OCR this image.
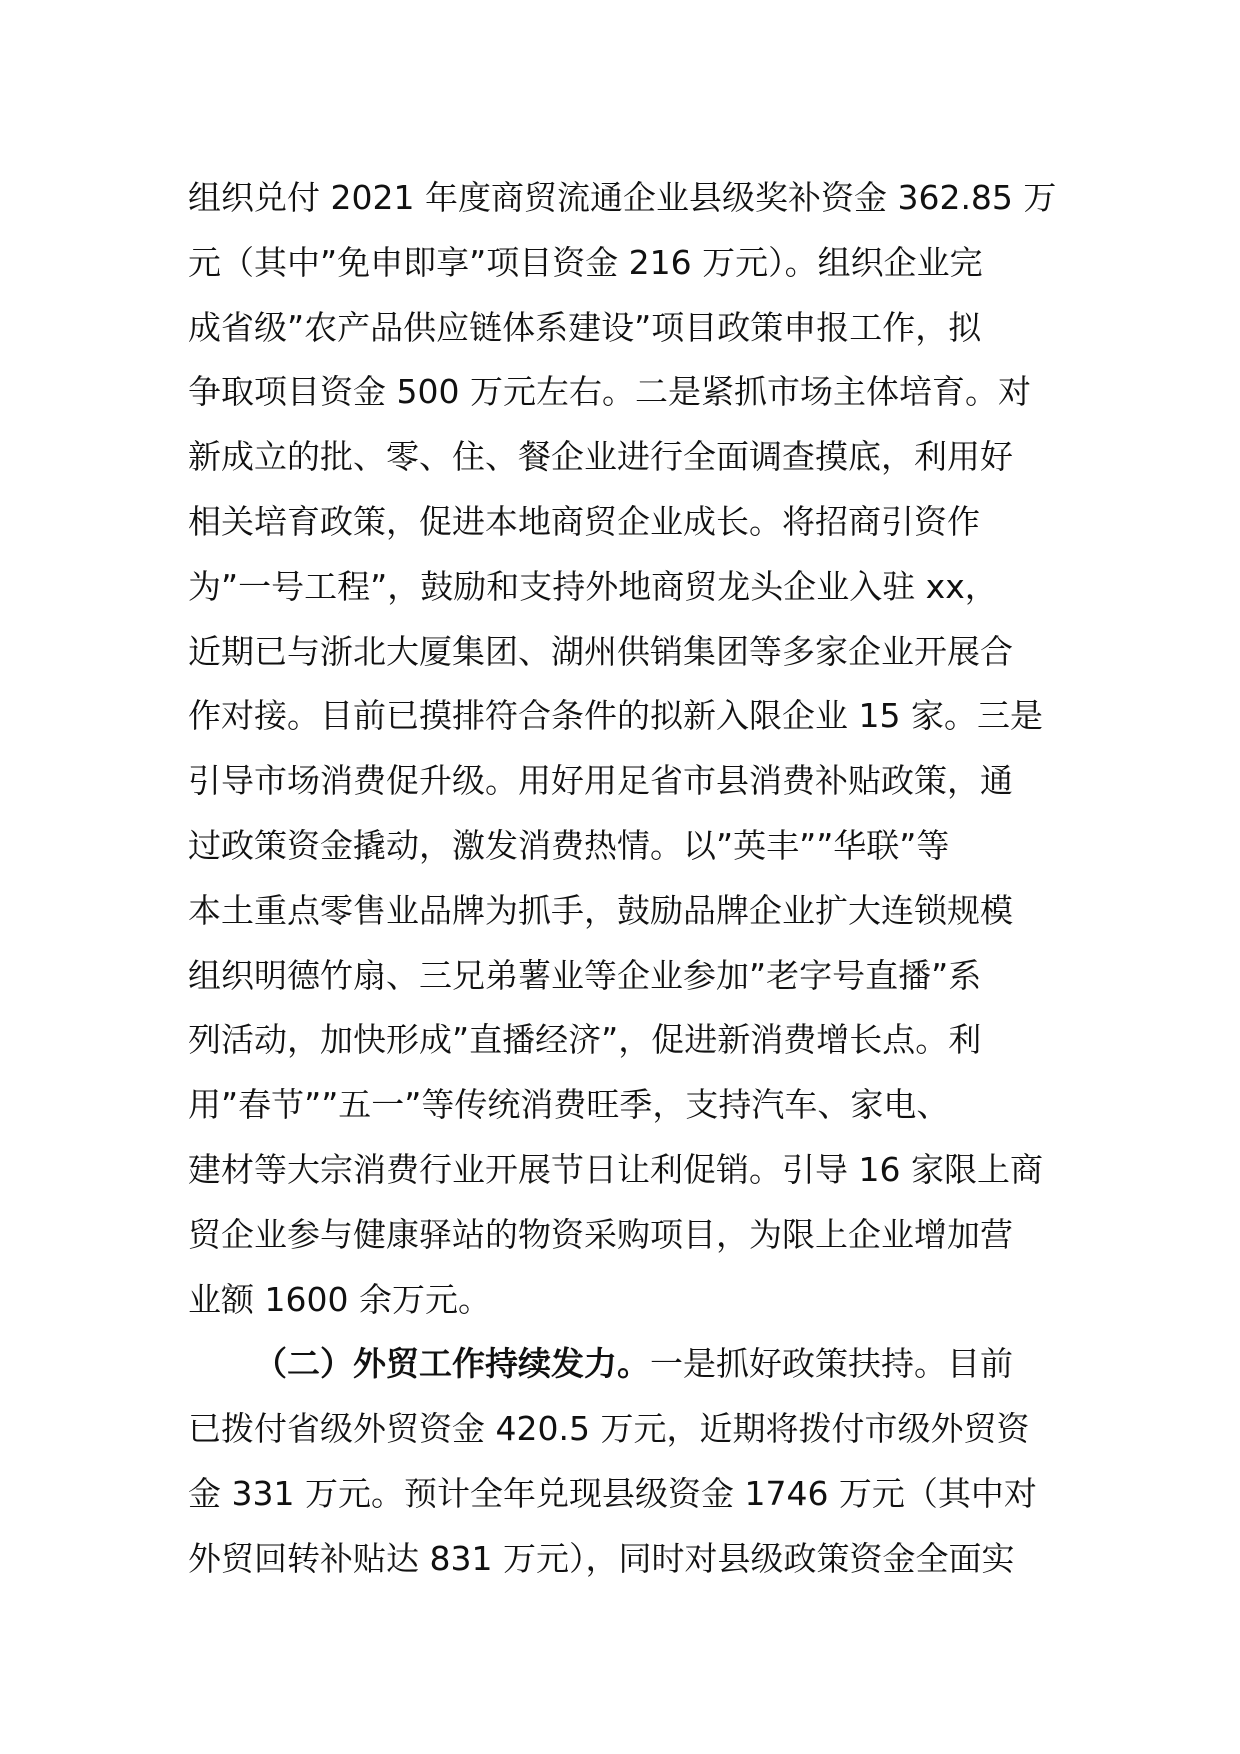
组织兑付 2021 年度商贸流通企业县级奖补资金 362.85 万
元（其中”免申即享”项目资金 216 万元）。组织企业完
成省级”农产品供应链体系建设”项目政策申报工作，拟
争取项目资金 500 万元左右。二是紧抓市场主体培育。对
新成立的批、零、住、餐企业进行全面调查摸底，利用好
相关培育政策，促进本地商贸企业成长。将招商引资作
为”一号工程”，鼓励和支持外地商贸龙头企业入驻 xx，
近期已与浙北大厦集团、湖州供销集团等多家企业开展合
作对接。目前已摸排符合条件的拟新入限企业 15 家。三是
引导市场消费促升级。用好用足省市县消费补贴政策，通
过政策资金撬动，激发消费热情。以”英丰””华联”等
本土重点零售业品牌为抓手，鼓励品牌企业扩大连锁规模
组织明德竹扇、三兄弟薯业等企业参加”老字号直播”系
列活动，加快形成”直播经济”，促进新消费增长点。利
用”春节””五一”等传统消费旺季，支持汽车、家电、
建材等大宗消费行业开展节日让利促销。引导 16 家限上商
贸企业参与健康驿站的物资采购项目，为限上企业增加营
业额 1600 余万元。
（二）外贸工作持续发力。一是抓好政策扶持。目前
已拨付省级外贸资金 420.5 万元，近期将拨付市级外贸资
金 331 万元。预计全年兑现县级资金 1746 万元（其中对
外贸回转补贴达 831 万元），同时对县级政策资金全面实
